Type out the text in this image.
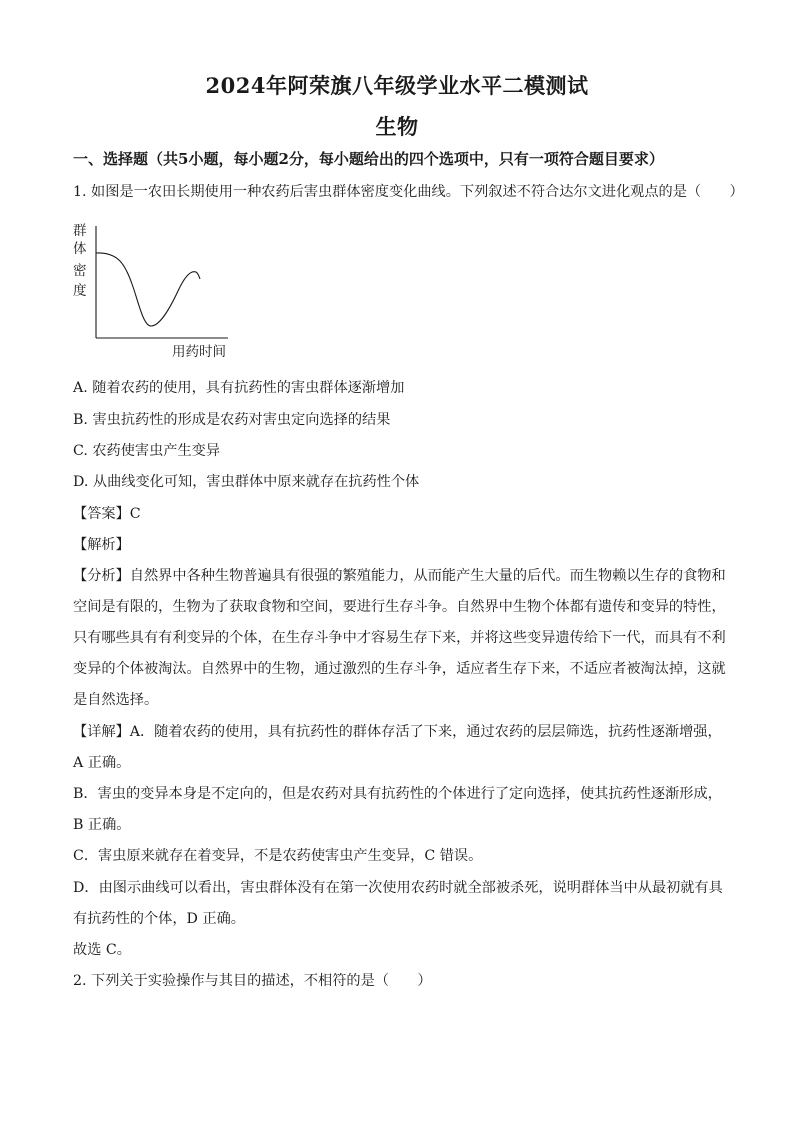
2024年阿荣旗八年级学业水平二模测试
生物
一、选择题（共5小题，每小题2分，每小题给出的四个选项中，只有一项符合题目要求）
1. 如图是一农田长期使用一种农药后害虫群体密度变化曲线。下列叙述不符合达尔文进化观点的是（　　）
群
体
密
度
用药时间
A. 随着农药的使用，具有抗药性的害虫群体逐渐增加
B. 害虫抗药性的形成是农药对害虫定向选择的结果
C. 农药使害虫产生变异
D. 从曲线变化可知，害虫群体中原来就存在抗药性个体
【答案】C
【解析】
【分析】自然界中各种生物普遍具有很强的繁殖能力，从而能产生大量的后代。而生物赖以生存的食物和
空间是有限的，生物为了获取食物和空间，要进行生存斗争。自然界中生物个体都有遗传和变异的特性，
只有哪些具有有利变异的个体，在生存斗争中才容易生存下来，并将这些变异遗传给下一代，而具有不利
变异的个体被淘汰。自然界中的生物，通过激烈的生存斗争，适应者生存下来，不适应者被淘汰掉，这就
是自然选择。
【详解】A．随着农药的使用，具有抗药性的群体存活了下来，通过农药的层层筛选，抗药性逐渐增强，
A 正确。
B．害虫的变异本身是不定向的，但是农药对具有抗药性的个体进行了定向选择，使其抗药性逐渐形成，
B 正确。
C．害虫原来就存在着变异，不是农药使害虫产生变异，C 错误。
D．由图示曲线可以看出，害虫群体没有在第一次使用农药时就全部被杀死，说明群体当中从最初就有具
有抗药性的个体，D 正确。
故选 C。
2. 下列关于实验操作与其目的描述，不相符的是（　　）
